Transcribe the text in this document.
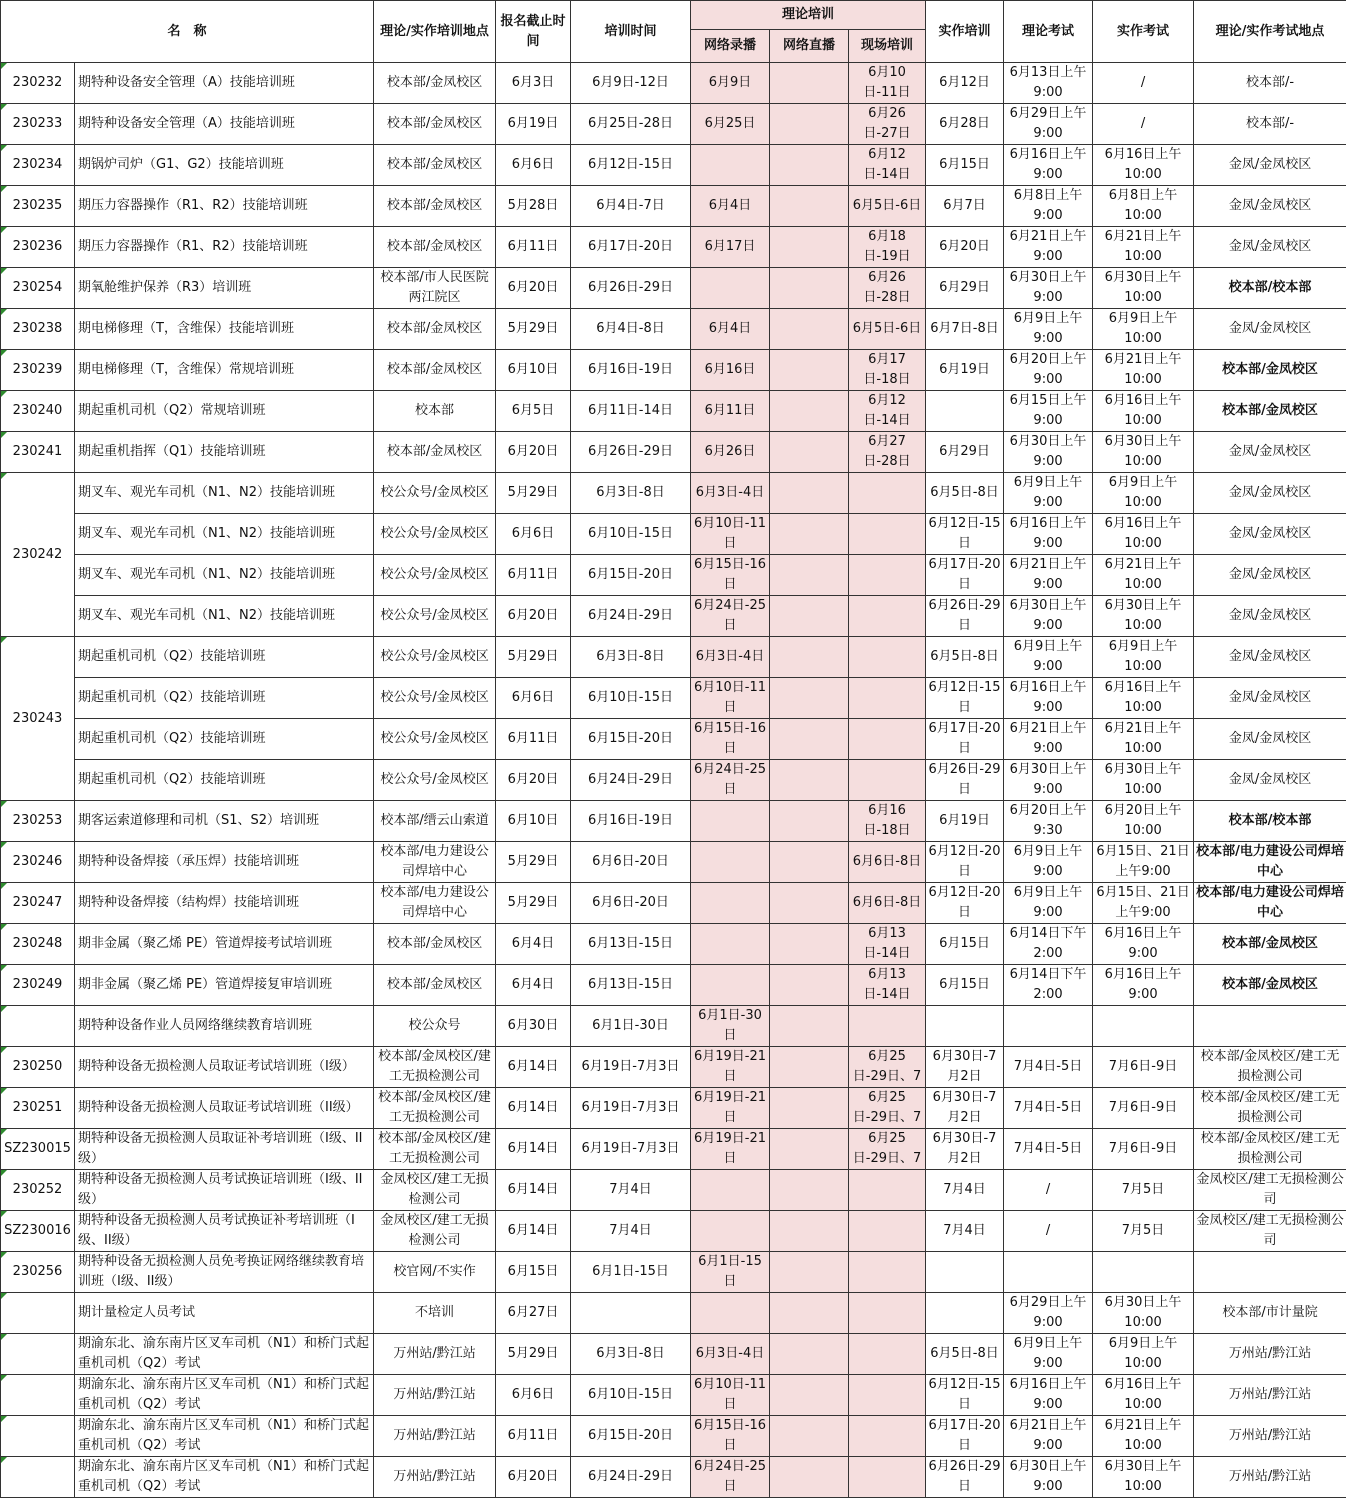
名　称		理论/实作培训地点	报名截止时间	培训时间	理论培训			实作培训	理论考试	实作考试	理论/实作考试地点
					网络录播	网络直播	现场培训				
230232	期特种设备安全管理（A）技能培训班	校本部/金凤校区	6月3日	6月9日-12日	6月9日		6月10日-11日	6月12日	6月13日上午9:00	/	校本部/-

230233	期特种设备安全管理（A）技能培训班	校本部/金凤校区	6月19日	6月25日-28日	6月25日		6月26日-27日	6月28日	6月29日上午9:00	/	校本部/-

230234	期锅炉司炉（G1、G2）技能培训班	校本部/金凤校区	6月6日	6月12日-15日			6月12日-14日	6月15日	6月16日上午9:00	6月16日上午10:00	金凤/金凤校区

230235	期压力容器操作（R1、R2）技能培训班	校本部/金凤校区	5月28日	6月4日-7日	6月4日		6月5日-6日	6月7日	6月8日上午9:00	6月8日上午10:00	金凤/金凤校区

230236	期压力容器操作（R1、R2）技能培训班	校本部/金凤校区	6月11日	6月17日-20日	6月17日		6月18日-19日	6月20日	6月21日上午9:00	6月21日上午10:00	金凤/金凤校区

230254	期氧舱维护保养（R3）培训班	校本部/市人民医院两江院区	6月20日	6月26日-29日			6月26日-28日	6月29日	6月30日上午9:00	6月30日上午10:00	校本部/校本部

230238	期电梯修理（T，含维保）技能培训班	校本部/金凤校区	5月29日	6月4日-8日	6月4日		6月5日-6日	6月7日-8日	6月9日上午9:00	6月9日上午10:00	金凤/金凤校区

230239	期电梯修理（T，含维保）常规培训班	校本部/金凤校区	6月10日	6月16日-19日	6月16日		6月17日-18日	6月19日	6月20日上午9:00	6月21日上午10:00	校本部/金凤校区

230240	期起重机司机（Q2）常规培训班	校本部	6月5日	6月11日-14日	6月11日		6月12日-14日		6月15日上午9:00	6月16日上午10:00	校本部/金凤校区

230241	期起重机指挥（Q1）技能培训班	校本部/金凤校区	6月20日	6月26日-29日	6月26日		6月27日-28日	6月29日	6月30日上午9:00	6月30日上午10:00	金凤/金凤校区

230242	期叉车、观光车司机（N1、N2）技能培训班	校公众号/金凤校区	5月29日	6月3日-8日	6月3日-4日			6月5日-8日	6月9日上午9:00	6月9日上午10:00	金凤/金凤校区

	期叉车、观光车司机（N1、N2）技能培训班	校公众号/金凤校区	6月6日	6月10日-15日	6月10日-11日			6月12日-15日	6月16日上午9:00	6月16日上午10:00	金凤/金凤校区

	期叉车、观光车司机（N1、N2）技能培训班	校公众号/金凤校区	6月11日	6月15日-20日	6月15日-16日			6月17日-20日	6月21日上午9:00	6月21日上午10:00	金凤/金凤校区

	期叉车、观光车司机（N1、N2）技能培训班	校公众号/金凤校区	6月20日	6月24日-29日	6月24日-25日			6月26日-29日	6月30日上午9:00	6月30日上午10:00	金凤/金凤校区

230243	期起重机司机（Q2）技能培训班	校公众号/金凤校区	5月29日	6月3日-8日	6月3日-4日			6月5日-8日	6月9日上午9:00	6月9日上午10:00	金凤/金凤校区

	期起重机司机（Q2）技能培训班	校公众号/金凤校区	6月6日	6月10日-15日	6月10日-11日			6月12日-15日	6月16日上午9:00	6月16日上午10:00	金凤/金凤校区

	期起重机司机（Q2）技能培训班	校公众号/金凤校区	6月11日	6月15日-20日	6月15日-16日			6月17日-20日	6月21日上午9:00	6月21日上午10:00	金凤/金凤校区

	期起重机司机（Q2）技能培训班	校公众号/金凤校区	6月20日	6月24日-29日	6月24日-25日			6月26日-29日	6月30日上午9:00	6月30日上午10:00	金凤/金凤校区

230253	期客运索道修理和司机（S1、S2）培训班	校本部/缙云山索道	6月10日	6月16日-19日			6月16日-18日	6月19日	6月20日上午9:30	6月20日上午10:00	校本部/校本部

230246	期特种设备焊接（承压焊）技能培训班	校本部/电力建设公司焊培中心	5月29日	6月6日-20日			6月6日-8日	6月12日-20日	6月9日上午9:00	6月15日、21日上午9:00	校本部/电力建设公司焊培中心

230247	期特种设备焊接（结构焊）技能培训班	校本部/电力建设公司焊培中心	5月29日	6月6日-20日			6月6日-8日	6月12日-20日	6月9日上午9:00	6月15日、21日上午9:00	校本部/电力建设公司焊培中心

230248	期非金属（聚乙烯 PE）管道焊接考试培训班	校本部/金凤校区	6月4日	6月13日-15日			6月13日-14日	6月15日	6月14日下午2:00	6月16日上午9:00	校本部/金凤校区

230249	期非金属（聚乙烯 PE）管道焊接复审培训班	校本部/金凤校区	6月4日	6月13日-15日			6月13日-14日	6月15日	6月14日下午2:00	6月16日上午9:00	校本部/金凤校区

	期特种设备作业人员网络继续教育培训班	校公众号	6月30日	6月1日-30日	6月1日-30日						

230250	期特种设备无损检测人员取证考试培训班（I级）	校本部/金凤校区/建工无损检测公司	6月14日	6月19日-7月3日	6月19日-21日		6月25日-29日、7	6月30日-7月2日	7月4日-5日	7月6日-9日	校本部/金凤校区/建工无损检测公司

230251	期特种设备无损检测人员取证考试培训班（II级）	校本部/金凤校区/建工无损检测公司	6月14日	6月19日-7月3日	6月19日-21日		6月25日-29日、7	6月30日-7月2日	7月4日-5日	7月6日-9日	校本部/金凤校区/建工无损检测公司

SZ230015	期特种设备无损检测人员取证补考培训班（I级、II级）	校本部/金凤校区/建工无损检测公司	6月14日	6月19日-7月3日	6月19日-21日		6月25日-29日、7	6月30日-7月2日	7月4日-5日	7月6日-9日	校本部/金凤校区/建工无损检测公司

230252	期特种设备无损检测人员考试换证培训班（I级、II级）	金凤校区/建工无损检测公司	6月14日	7月4日				7月4日	/	7月5日	金凤校区/建工无损检测公司

SZ230016	期特种设备无损检测人员考试换证补考培训班（I级、II级）	金凤校区/建工无损检测公司	6月14日	7月4日				7月4日	/	7月5日	金凤校区/建工无损检测公司

230256	期特种设备无损检测人员免考换证网络继续教育培训班（I级、II级）	校官网/不实作	6月15日	6月1日-15日	6月1日-15日						

	期计量检定人员考试	不培训	6月27日						6月29日上午9:00	6月30日上午10:00	校本部/市计量院

	期渝东北、渝东南片区叉车司机（N1）和桥门式起重机司机（Q2）考试	万州站/黔江站	5月29日	6月3日-8日	6月3日-4日			6月5日-8日	6月9日上午9:00	6月9日上午10:00	万州站/黔江站

	期渝东北、渝东南片区叉车司机（N1）和桥门式起重机司机（Q2）考试	万州站/黔江站	6月6日	6月10日-15日	6月10日-11日			6月12日-15日	6月16日上午9:00	6月16日上午10:00	万州站/黔江站

	期渝东北、渝东南片区叉车司机（N1）和桥门式起重机司机（Q2）考试	万州站/黔江站	6月11日	6月15日-20日	6月15日-16日			6月17日-20日	6月21日上午9:00	6月21日上午10:00	万州站/黔江站

	期渝东北、渝东南片区叉车司机（N1）和桥门式起重机司机（Q2）考试	万州站/黔江站	6月20日	6月24日-29日	6月24日-25日			6月26日-29日	6月30日上午9:00	6月30日上午10:00	万州站/黔江站
